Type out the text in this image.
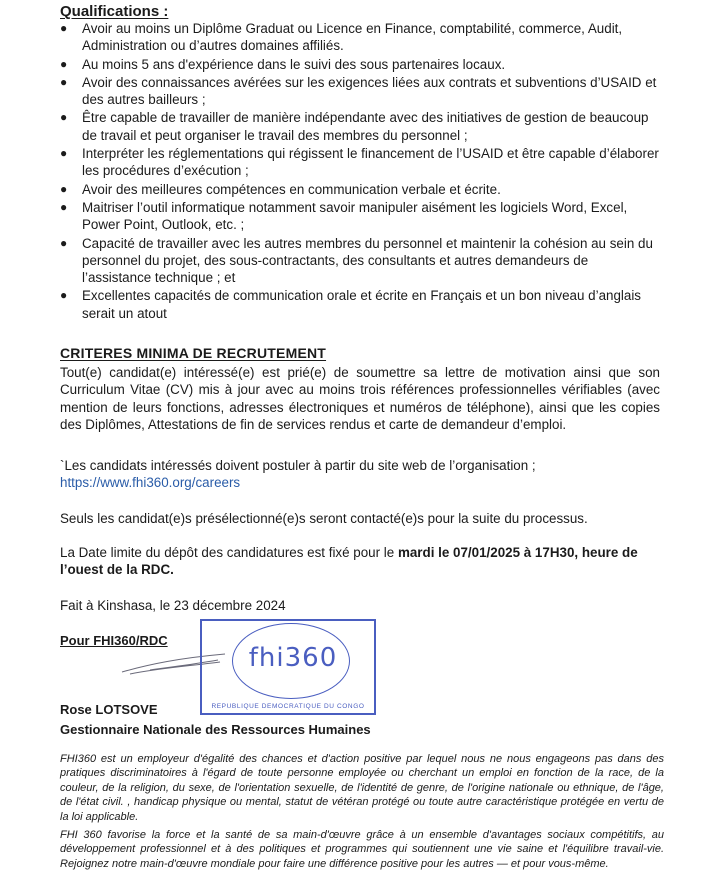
Qualifications :
● Avoir au moins un Diplôme Graduat ou Licence en Finance, comptabilité, commerce, Audit, Administration ou d’autres domaines affiliés.
● Au moins 5 ans d'expérience dans le suivi des sous partenaires locaux.
● Avoir des connaissances avérées sur les exigences liées aux contrats et subventions d’USAID et des autres bailleurs ;
● Être capable de travailler de manière indépendante avec des initiatives de gestion de beaucoup de travail et peut organiser le travail des membres du personnel ;
● Interpréter les réglementations qui régissent le financement de l’USAID et être capable d’élaborer les procédures d’exécution ;
● Avoir des meilleures compétences en communication verbale et écrite.
● Maitriser l’outil informatique notamment savoir manipuler aisément les logiciels Word, Excel, Power Point, Outlook, etc. ;
● Capacité de travailler avec les autres membres du personnel et maintenir la cohésion au sein du personnel du projet, des sous-contractants, des consultants et autres demandeurs de l’assistance technique ; et
● Excellentes capacités de communication orale et écrite en Français et un bon niveau d’anglais serait un atout
CRITERES MINIMA DE RECRUTEMENT
Tout(e) candidat(e) intéressé(e) est prié(e) de soumettre sa lettre de motivation ainsi que son Curriculum Vitae (CV) mis à jour avec au moins trois références professionnelles vérifiables (avec mention de leurs fonctions, adresses électroniques et numéros de téléphone), ainsi que les copies des Diplômes, Attestations de fin de services rendus et carte de demandeur d’emploi.
`Les candidats intéressés doivent postuler à partir du site web de l’organisation ;
https://www.fhi360.org/careers
Seuls les candidat(e)s présélectionné(e)s seront contacté(e)s pour la suite du processus.
La Date limite du dépôt des candidatures est fixé pour le mardi le 07/01/2025 à 17H30, heure de l’ouest de la RDC.
Fait à Kinshasa, le 23 décembre 2024
Pour FHI360/RDC
fhi360
REPUBLIQUE DEMOCRATIQUE DU CONGO
Rose LOTSOVE
Gestionnaire Nationale des Ressources Humaines

FHI360 est un employeur d'égalité des chances et d'action positive par lequel nous ne nous engageons pas dans des pratiques discriminatoires à l'égard de toute personne employée ou cherchant un emploi en fonction de la race, de la couleur, de la religion, du sexe, de l'orientation sexuelle, de l'identité de genre, de l'origine nationale ou ethnique, de l'âge, de l'état civil. , handicap physique ou mental, statut de vétéran protégé ou toute autre caractéristique protégée en vertu de la loi applicable.

FHI 360 favorise la force et la santé de sa main-d'œuvre grâce à un ensemble d'avantages sociaux compétitifs, au développement professionnel et à des politiques et programmes qui soutiennent une vie saine et l'équilibre travail-vie. Rejoignez notre main-d'œuvre mondiale pour faire une différence positive pour les autres — et pour vous-même.
